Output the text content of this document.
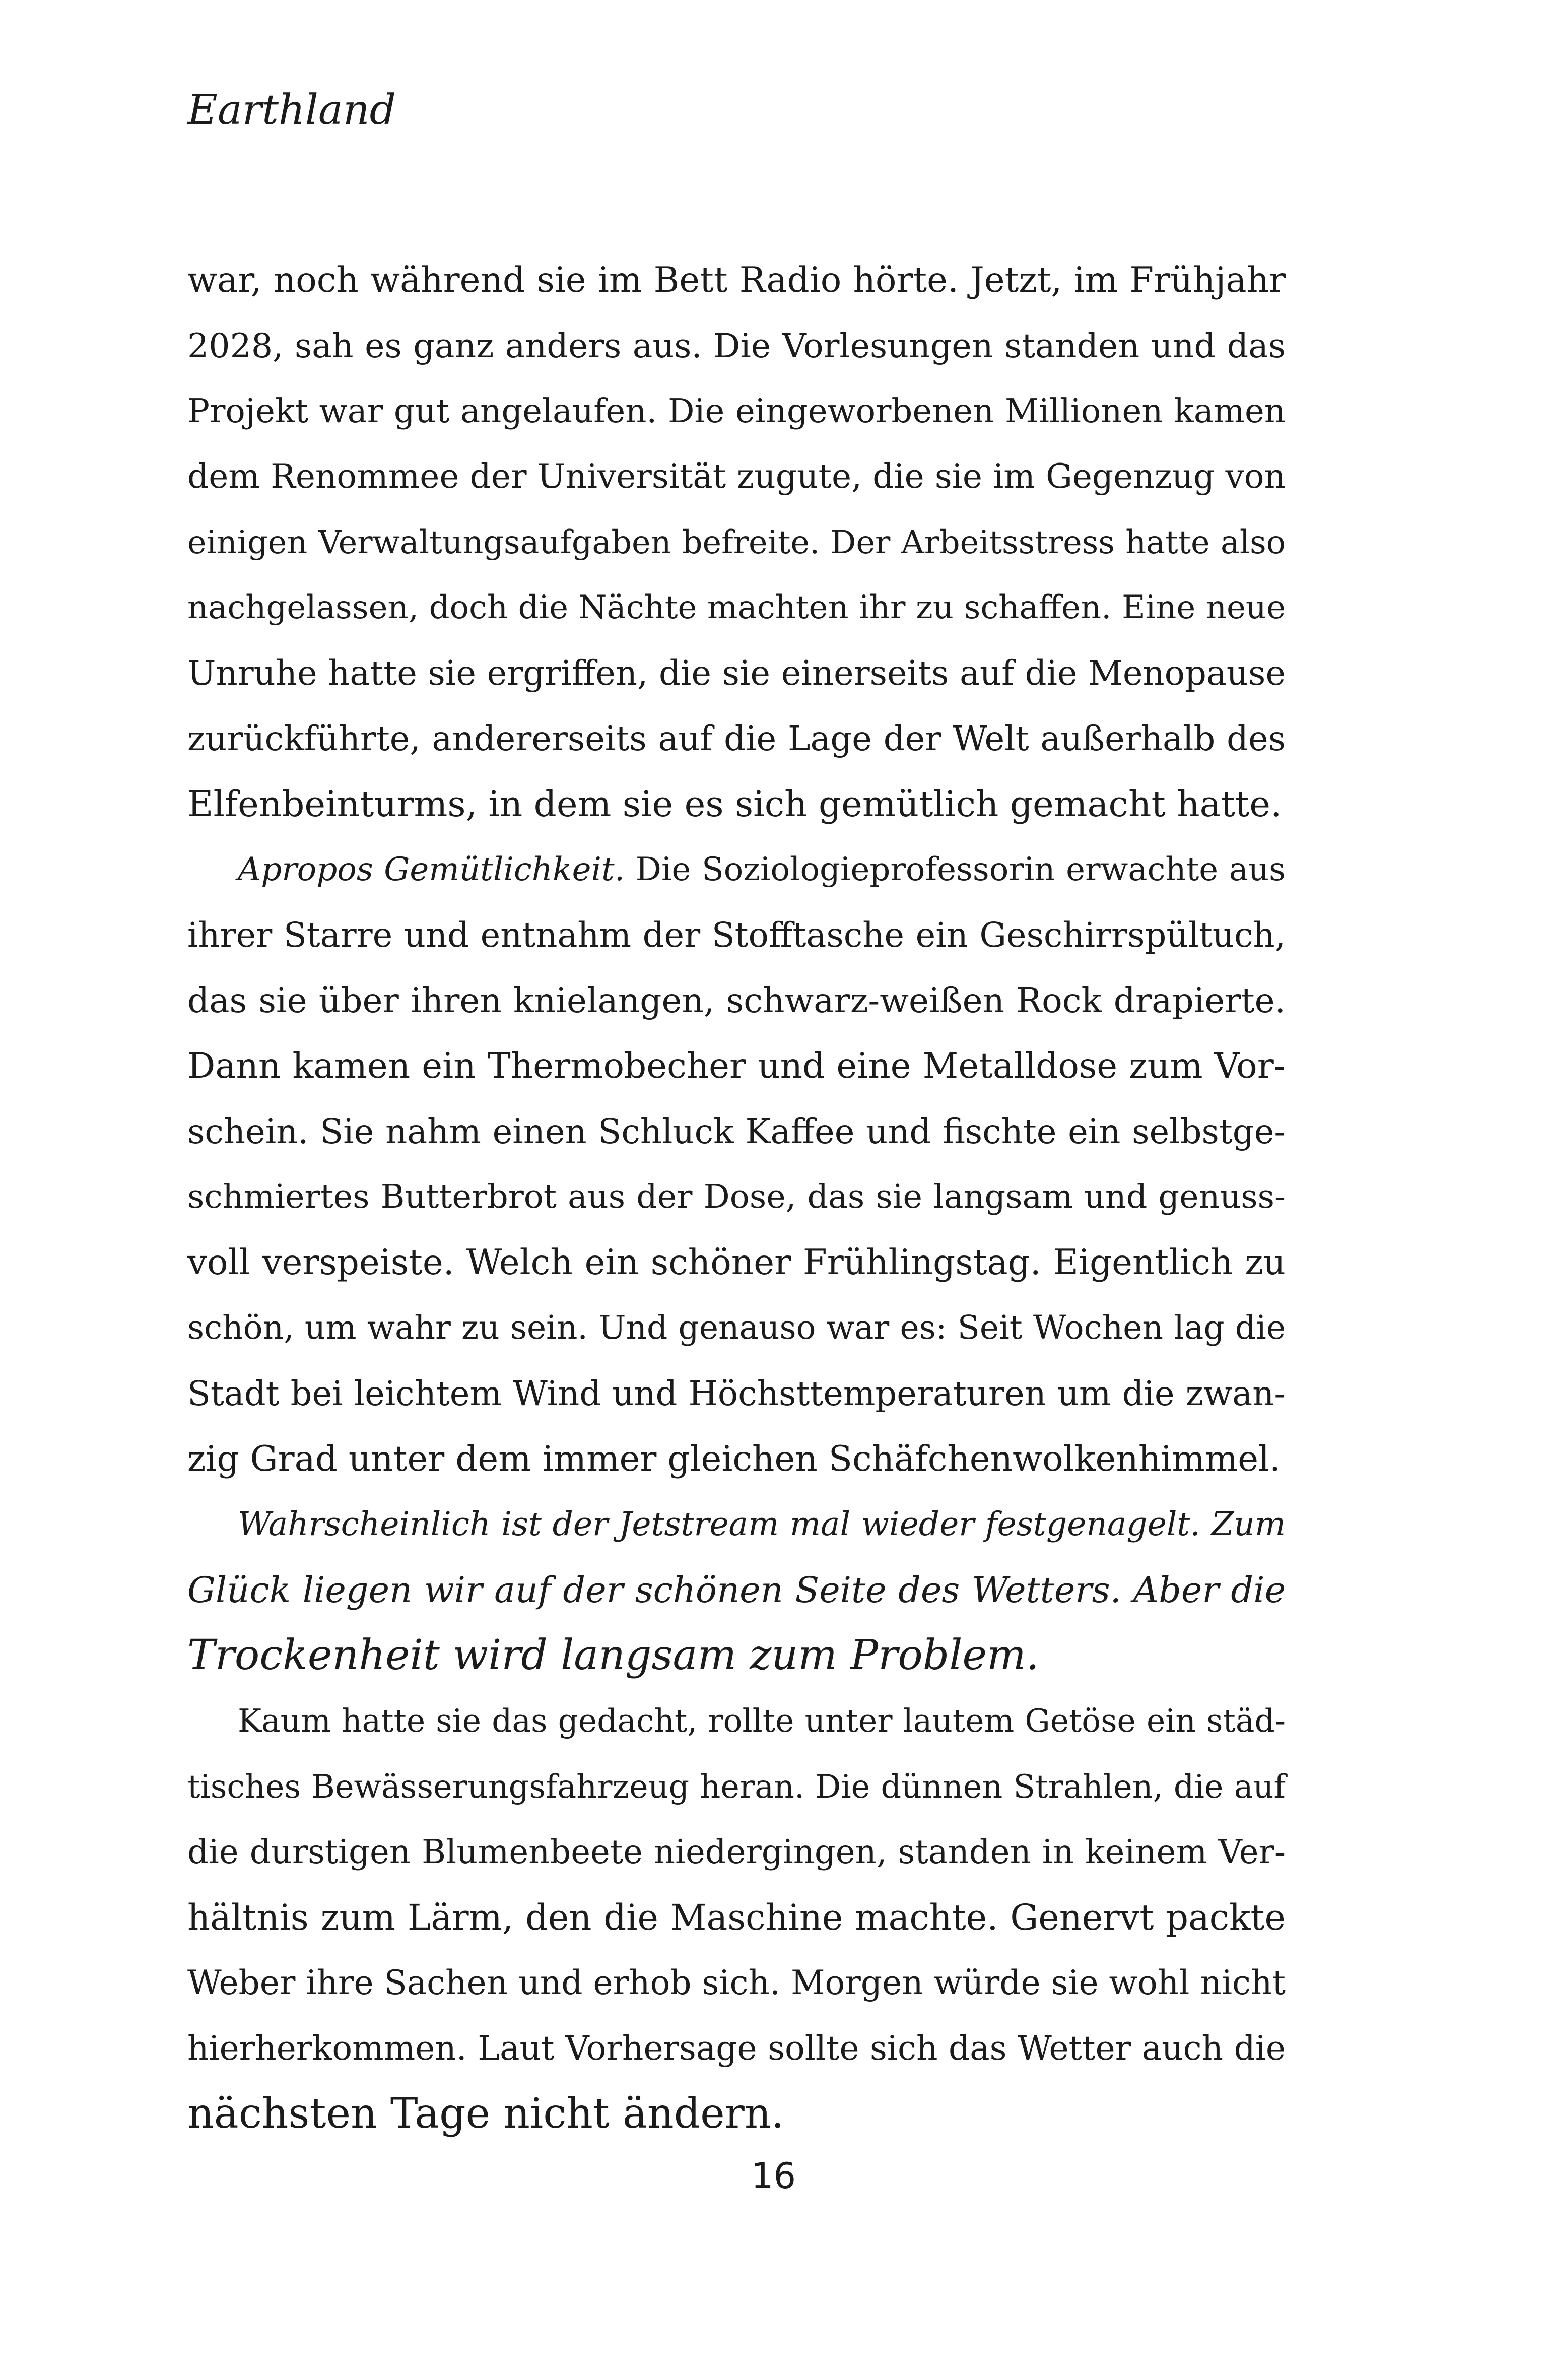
Earthland

war, noch während sie im Bett Radio hörte. Jetzt, im Frühjahr
2028, sah es ganz anders aus. Die Vorlesungen standen und das
Projekt war gut angelaufen. Die eingeworbenen Millionen kamen
dem Renommee der Universität zugute, die sie im Gegenzug von
einigen Verwaltungsaufgaben befreite. Der Arbeitsstress hatte also
nachgelassen, doch die Nächte machten ihr zu schaffen. Eine neue
Unruhe hatte sie ergriffen, die sie einerseits auf die Menopause
zurückführte, andererseits auf die Lage der Welt außerhalb des
Elfenbeinturms, in dem sie es sich gemütlich gemacht hatte.

Apropos Gemütlichkeit. Die Soziologieprofessorin erwachte aus
ihrer Starre und entnahm der Stofftasche ein Geschirrspültuch,
das sie über ihren knielangen, schwarz-weißen Rock drapierte.
Dann kamen ein Thermobecher und eine Metalldose zum Vor-
schein. Sie nahm einen Schluck Kaffee und fischte ein selbstge-
schmiertes Butterbrot aus der Dose, das sie langsam und genuss-
voll verspeiste. Welch ein schöner Frühlingstag. Eigentlich zu
schön, um wahr zu sein. Und genauso war es: Seit Wochen lag die
Stadt bei leichtem Wind und Höchsttemperaturen um die zwan-
zig Grad unter dem immer gleichen Schäfchenwolkenhimmel.

Wahrscheinlich ist der Jetstream mal wieder festgenagelt. Zum
Glück liegen wir auf der schönen Seite des Wetters. Aber die
Trockenheit wird langsam zum Problem.

Kaum hatte sie das gedacht, rollte unter lautem Getöse ein städ-
tisches Bewässerungsfahrzeug heran. Die dünnen Strahlen, die auf
die durstigen Blumenbeete niedergingen, standen in keinem Ver-
hältnis zum Lärm, den die Maschine machte. Genervt packte
Weber ihre Sachen und erhob sich. Morgen würde sie wohl nicht
hierherkommen. Laut Vorhersage sollte sich das Wetter auch die
nächsten Tage nicht ändern.

16
